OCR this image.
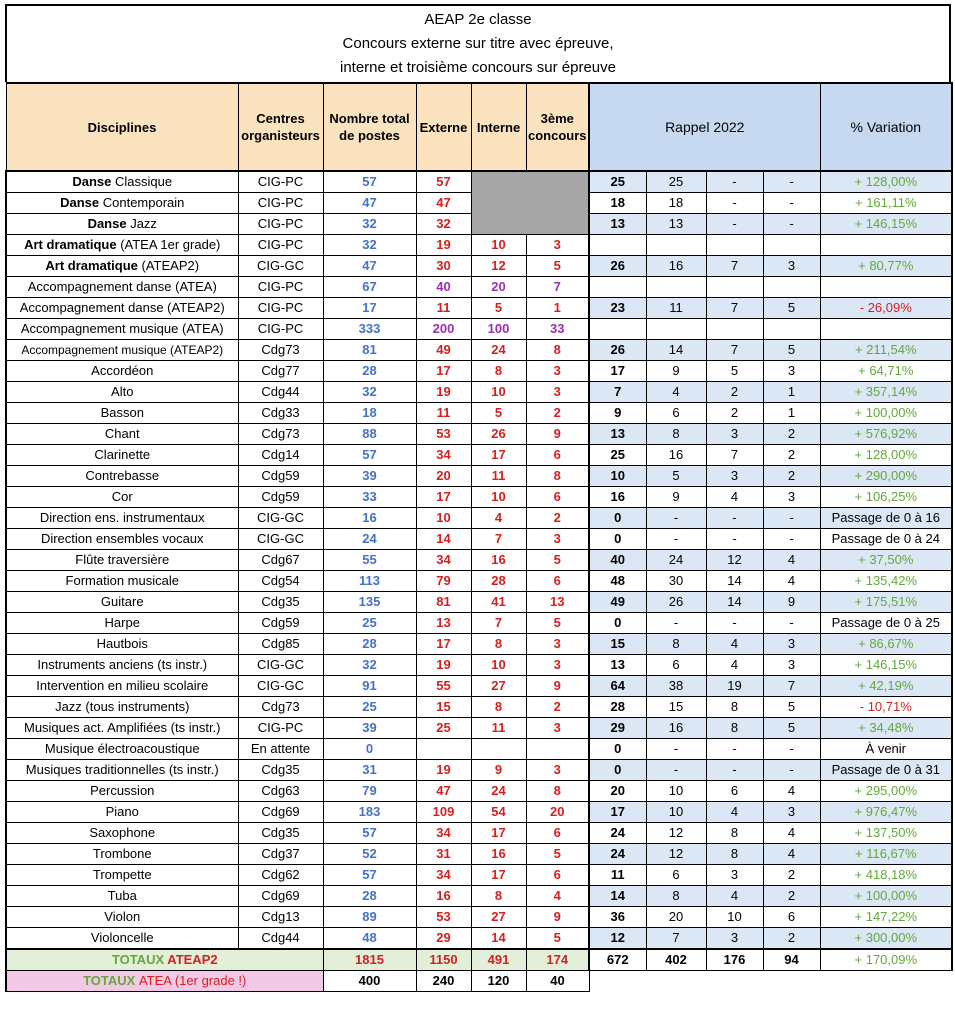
AEAP 2e classe
Concours externe sur titre avec épreuve,
interne et troisième concours sur épreuve
Disciplines	Centres organisteurs	Nombre total de postes	Externe	Interne	3ème concours	Rappel 2022				% Variation
Danse Classique	CIG-PC	57	57			25	25	-	-	+ 128,00%
Danse Contemporain	CIG-PC	47	47			18	18	-	-	+ 161,11%
Danse Jazz	CIG-PC	32	32			13	13	-	-	+ 146,15%
Art dramatique (ATEA 1er grade)	CIG-PC	32	19	10	3					
Art dramatique (ATEAP2)	CIG-GC	47	30	12	5	26	16	7	3	+ 80,77%
Accompagnement danse (ATEA)	CIG-PC	67	40	20	7					
Accompagnement danse (ATEAP2)	CIG-PC	17	11	5	1	23	11	7	5	- 26,09%
Accompagnement musique (ATEA)	CIG-PC	333	200	100	33					
Accompagnement musique (ATEAP2)	Cdg73	81	49	24	8	26	14	7	5	+ 211,54%
Accordéon	Cdg77	28	17	8	3	17	9	5	3	+ 64,71%
Alto	Cdg44	32	19	10	3	7	4	2	1	+ 357,14%
Basson	Cdg33	18	11	5	2	9	6	2	1	+ 100,00%
Chant	Cdg73	88	53	26	9	13	8	3	2	+ 576,92%
Clarinette	Cdg14	57	34	17	6	25	16	7	2	+ 128,00%
Contrebasse	Cdg59	39	20	11	8	10	5	3	2	+ 290,00%
Cor	Cdg59	33	17	10	6	16	9	4	3	+ 106,25%
Direction ens. instrumentaux	CIG-GC	16	10	4	2	0	-	-	-	Passage de 0 à 16
Direction ensembles vocaux	CIG-GC	24	14	7	3	0	-	-	-	Passage de 0 à 24
Flûte traversière	Cdg67	55	34	16	5	40	24	12	4	+ 37,50%
Formation musicale	Cdg54	113	79	28	6	48	30	14	4	+ 135,42%
Guitare	Cdg35	135	81	41	13	49	26	14	9	+ 175,51%
Harpe	Cdg59	25	13	7	5	0	-	-	-	Passage de 0 à 25
Hautbois	Cdg85	28	17	8	3	15	8	4	3	+ 86,67%
Instruments anciens (ts instr.)	CIG-GC	32	19	10	3	13	6	4	3	+ 146,15%
Intervention en milieu scolaire	CIG-GC	91	55	27	9	64	38	19	7	+ 42,19%
Jazz (tous instruments)	Cdg73	25	15	8	2	28	15	8	5	- 10,71%
Musiques act. Amplifiées (ts instr.)	CIG-PC	39	25	11	3	29	16	8	5	+ 34,48%
Musique électroacoustique	En attente	0				0	-	-	-	À venir
Musiques traditionnelles (ts instr.)	Cdg35	31	19	9	3	0	-	-	-	Passage de 0 à 31
Percussion	Cdg63	79	47	24	8	20	10	6	4	+ 295,00%
Piano	Cdg69	183	109	54	20	17	10	4	3	+ 976,47%
Saxophone	Cdg35	57	34	17	6	24	12	8	4	+ 137,50%
Trombone	Cdg37	52	31	16	5	24	12	8	4	+ 116,67%
Trompette	Cdg62	57	34	17	6	11	6	3	2	+ 418,18%
Tuba	Cdg69	28	16	8	4	14	8	4	2	+ 100,00%
Violon	Cdg13	89	53	27	9	36	20	10	6	+ 147,22%
Violoncelle	Cdg44	48	29	14	5	12	7	3	2	+ 300,00%
TOTAUX ATEAP2		1815	1150	491	174	672	402	176	94	+ 170,09%
TOTAUX ATEA (1er grade !)		400	240	120	40					
